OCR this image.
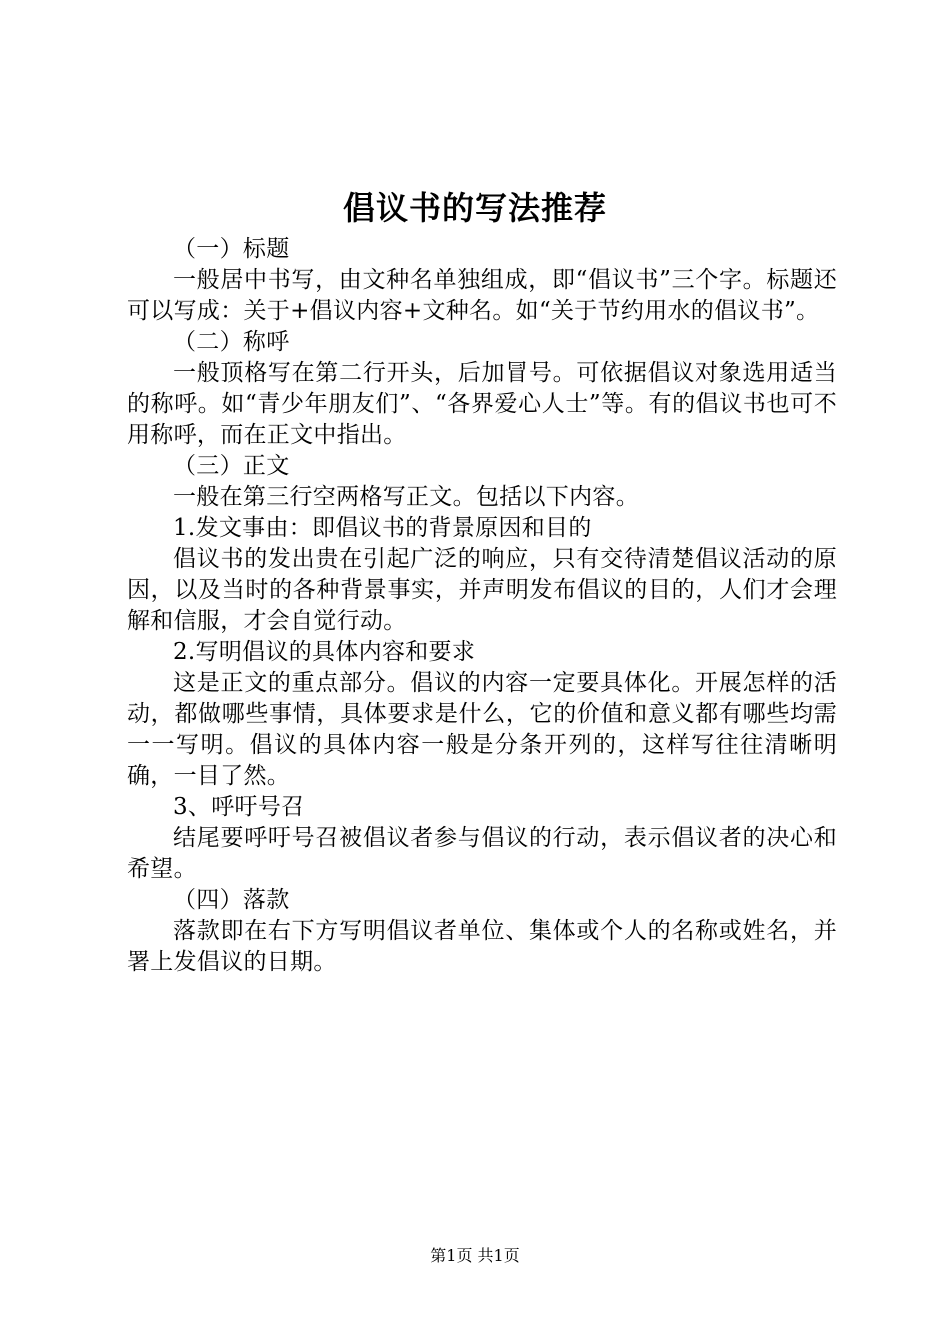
倡议书的写法推荐

（一）标题

一般居中书写，由文种名单独组成，即“倡议书”三个字。标题还可以写成：关于+倡议内容+文种名。如“关于节约用水的倡议书”。

（二）称呼

一般顶格写在第二行开头，后加冒号。可依据倡议对象选用适当的称呼。如“青少年朋友们”、“各界爱心人士”等。有的倡议书也可不用称呼，而在正文中指出。

（三）正文

一般在第三行空两格写正文。包括以下内容。

1.发文事由：即倡议书的背景原因和目的

倡议书的发出贵在引起广泛的响应，只有交待清楚倡议活动的原因，以及当时的各种背景事实，并声明发布倡议的目的，人们才会理解和信服，才会自觉行动。

2.写明倡议的具体内容和要求

这是正文的重点部分。倡议的内容一定要具体化。开展怎样的活动，都做哪些事情，具体要求是什么，它的价值和意义都有哪些均需一一写明。倡议的具体内容一般是分条开列的，这样写往往清晰明确，一目了然。

3、呼吁号召

结尾要呼吁号召被倡议者参与倡议的行动，表示倡议者的决心和希望。

（四）落款

落款即在右下方写明倡议者单位、集体或个人的名称或姓名，并署上发倡议的日期。

第1页 共1页
